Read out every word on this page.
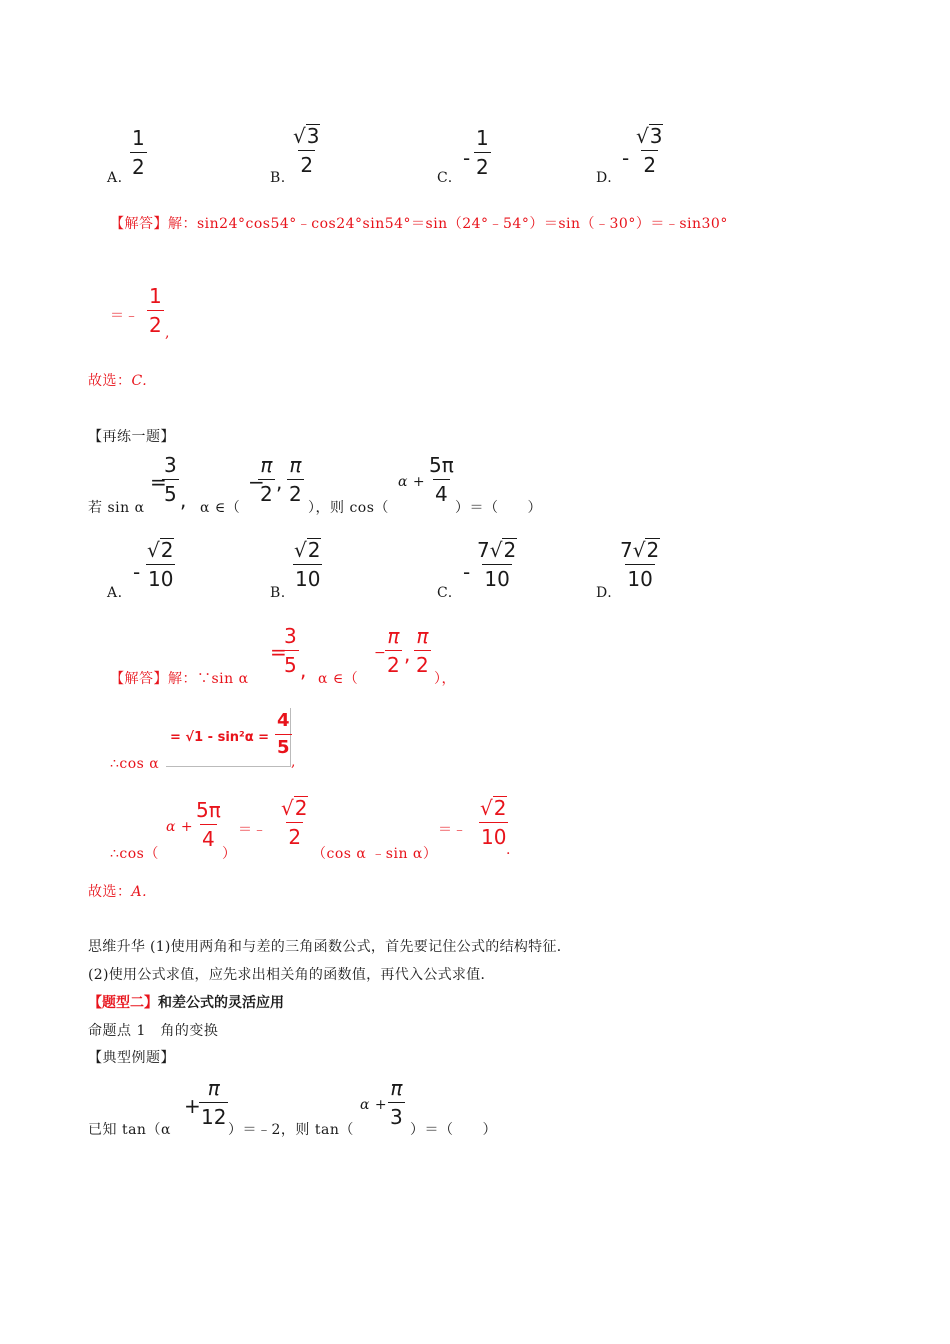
A.
$\frac{1}{2}$
B.
$\frac{√ 3}{2}$
C.
- $\frac{1}{2}$
D.
- $\frac{√ 3}{2}$
【解答】解：sin24°cos54°﹣cos24°sin54°＝sin（24°﹣54°）＝sin（﹣30°）＝﹣sin30°
＝﹣ $\frac{1}{2}$ ,
故选：C.
【再练一题】
若 sin α
=
$\frac{3}{5}$ , α ∈（
−
$\frac{\pi}{2}$ , $\frac{\pi}{2}$
），则 cos（
$\alpha + \frac{5\pi}{4}$
）＝（　　）
A.
- $\frac{√ 2}{10}$
B.
$\frac{√ 2}{10}$
C.
- $\frac{7 √ 2}{10}$
D.
$\frac{7 √ 2}{10}$
【解答】解：∵sin α
=
$\frac{3}{5}$ , α ∈（
−
$\frac{\pi}{2}$ , $\frac{\pi}{2}$
），
∴cos α
= $√1 - \sin^2\alpha = \frac{4}{5}$
,
∴cos（
$\alpha + \frac{5\pi}{4}$
）
＝﹣ $\frac{√ 2}{2}$
（cos α ﹣sin α）
＝﹣ $\frac{√ 2}{10}$
.
故选：A.
思维升华 (1)使用两角和与差的三角函数公式，首先要记住公式的结构特征．
(2)使用公式求值，应先求出相关角的函数值，再代入公式求值．
【题型二】和差公式的灵活应用
命题点 1　角的变换
【典型例题】
已知 tan（α
+
$\frac{\pi}{12}$
）＝﹣2，则 tan（
$\alpha + \frac{\pi}{3}$
）＝（　　）
